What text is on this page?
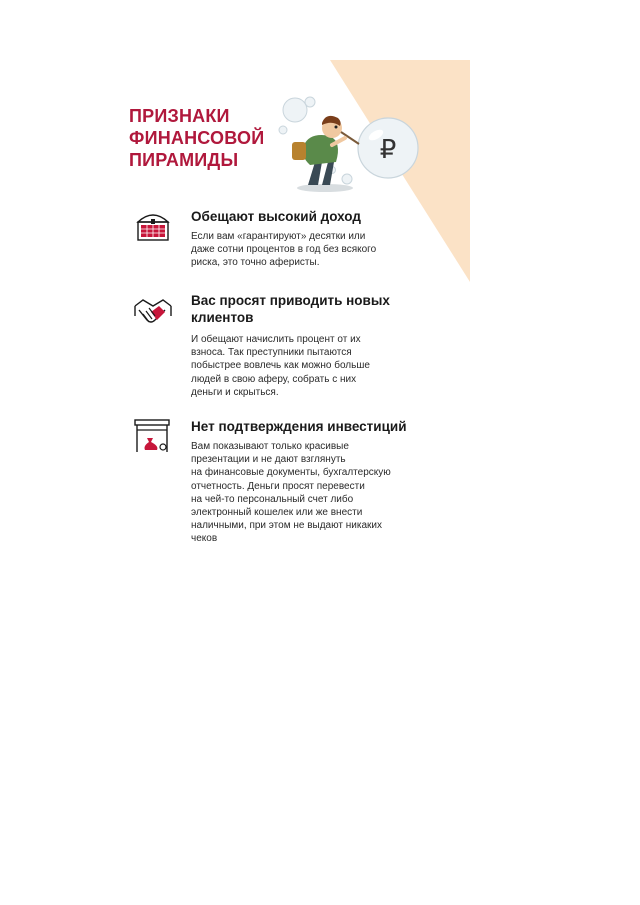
ПРИЗНАКИ
ФИНАНСОВОЙ
ПИРАМИДЫ	₽
Обещают высокий доход
Если вам «гарантируют» десятки или
даже сотни процентов в год без всякого
риска, это точно аферисты.
Вас просят приводить новых
клиентов
И обещают начислить процент от их
взноса. Так преступники пытаются
побыстрее вовлечь как можно больше
людей в свою аферу, собрать с них
деньги и скрыться.
Нет подтверждения инвестиций
Вам показывают только красивые
презентации и не дают взглянуть
на финансовые документы, бухгалтерскую
отчетность. Деньги просят перевести
на чей-то персональный счет либо
электронный кошелек или же внести
наличными, при этом не выдают никаких
чеков
